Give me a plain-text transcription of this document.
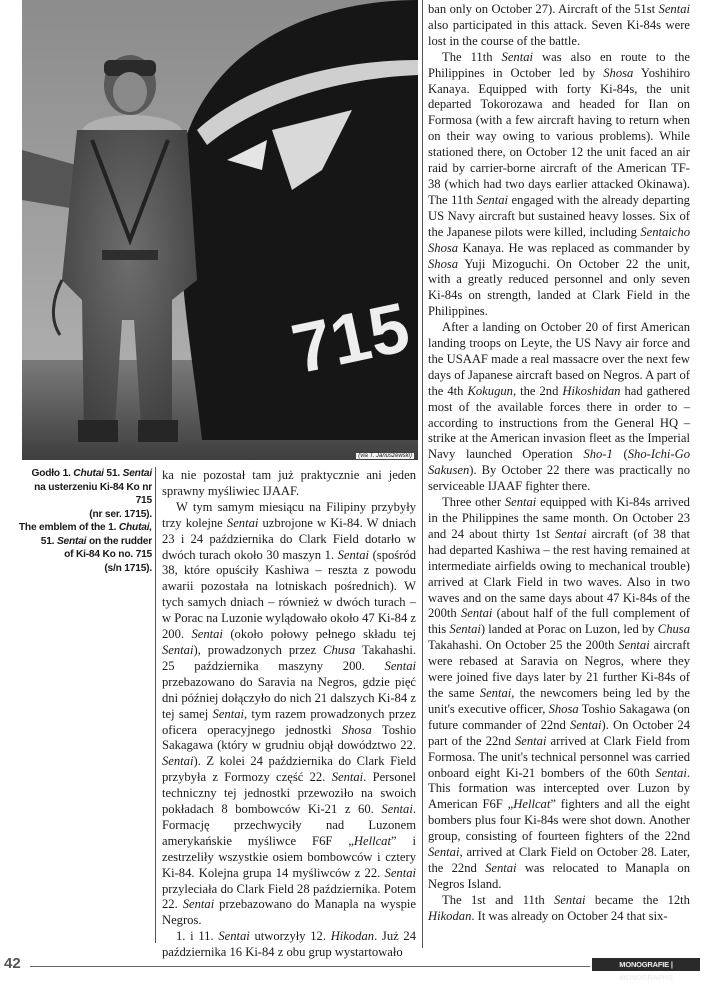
715
(via T. Januszewski)
Godło 1. Chutai 51. Sentai
na usterzeniu Ki-84 Ko nr 715
(nr ser. 1715).
The emblem of the 1. Chutai,
51. Sentai on the rudder
of Ki-84 Ko no. 715
(s/n 1715).

ka nie pozostał tam już praktycznie ani jeden sprawny myśliwiec IJAAF.

W tym samym miesiącu na Filipiny przybyły trzy kolejne Sentai uzbrojone w Ki-84. W dniach 23 i 24 października do Clark Field dotarło w dwóch turach około 30 maszyn 1. Sentai (spośród 38, które opuściły Kashiwa – reszta z powodu awarii pozostała na lotniskach pośrednich). W tych samych dniach – również w dwóch turach – w Porac na Luzonie wylądowało około 47 Ki-84 z 200. Sentai (około połowy pełnego składu tej Sentai), prowadzonych przez Chusa Takahashi. 25 października maszyny 200. Sentai przebazowano do Saravia na Negros, gdzie pięć dni później dołączyło do nich 21 dalszych Ki-84 z tej samej Sentai, tym razem prowadzonych przez oficera operacyjnego jednostki Shosa Toshio Sakagawa (który w grudniu objął dowództwo 22. Sentai). Z kolei 24 października do Clark Field przybyła z Formozy część 22. Sentai. Personel techniczny tej jednostki przewoziło na swoich pokładach 8 bombowców Ki-21 z 60. Sentai. Formację przechwyciły nad Luzonem amerykańskie myśliwce F6F „Hellcat” i zestrzeliły wszystkie osiem bombowców i cztery Ki-84. Kolejna grupa 14 myśliwców z 22. Sentai przyleciała do Clark Field 28 października. Potem 22. Sentai przebazowano do Manapla na wyspie Negros.

1. i 11. Sentai utworzyły 12. Hikodan. Już 24 października 16 Ki-84 z obu grup wystartowało

ban only on October 27). Aircraft of the 51st Sentai also participated in this attack. Seven Ki-84s were lost in the course of the battle.

The 11th Sentai was also en route to the Philippines in October led by Shosa Yoshihiro Kanaya. Equipped with forty Ki-84s, the unit departed Tokorozawa and headed for Ilan on Formosa (with a few aircraft having to return when on their way owing to various problems). While stationed there, on October 12 the unit faced an air raid by carrier-borne aircraft of the American TF-38 (which had two days earlier attacked Okinawa). The 11th Sentai engaged with the already departing US Navy aircraft but sustained heavy losses. Six of the Japanese pilots were killed, including Sentaicho Shosa Kanaya. He was replaced as commander by Shosa Yuji Mizoguchi. On October 22 the unit, with a greatly reduced personnel and only seven Ki-84s on strength, landed at Clark Field in the Philippines.

After a landing on October 20 of first American landing troops on Leyte, the US Navy air force and the USAAF made a real massacre over the next few days of Japanese aircraft based on Negros. A part of the 4th Kokugun, the 2nd Hikoshidan had gathered most of the available forces there in order to – according to instructions from the General HQ – strike at the American invasion fleet as the Imperial Navy launched Operation Sho-1 (Sho-Ichi-Go Sakusen). By October 22 there was practically no serviceable IJAAF fighter there.

Three other Sentai equipped with Ki-84s arrived in the Philippines the same month. On October 23 and 24 about thirty 1st Sentai aircraft (of 38 that had departed Kashiwa – the rest having remained at intermediate airfields owing to mechanical trouble) arrived at Clark Field in two waves. Also in two waves and on the same days about 47 Ki-84s of the 200th Sentai (about half of the full complement of this Sentai) landed at Porac on Luzon, led by Chusa Takahashi. On October 25 the 200th Sentai aircraft were rebased at Saravia on Negros, where they were joined five days later by 21 further Ki-84s of the same Sentai, the newcomers being led by the unit's executive officer, Shosa Toshio Sakagawa (on future commander of 22nd Sentai). On October 24 part of the 22nd Sentai arrived at Clark Field from Formosa. The unit's technical personnel was carried onboard eight Ki-21 bombers of the 60th Sentai. This formation was intercepted over Luzon by American F6F „Hellcat” fighters and all the eight bombers plus four Ki-84s were shot down. Another group, consisting of fourteen fighters of the 22nd Sentai, arrived at Clark Field on October 28. Later, the 22nd Sentai was relocated to Manapla on Negros Island.

The 1st and 11th Sentai became the 12th Hikodan. It was already on October 24 that six-

42	MONOGRAFIE | MONOGRAPHS
